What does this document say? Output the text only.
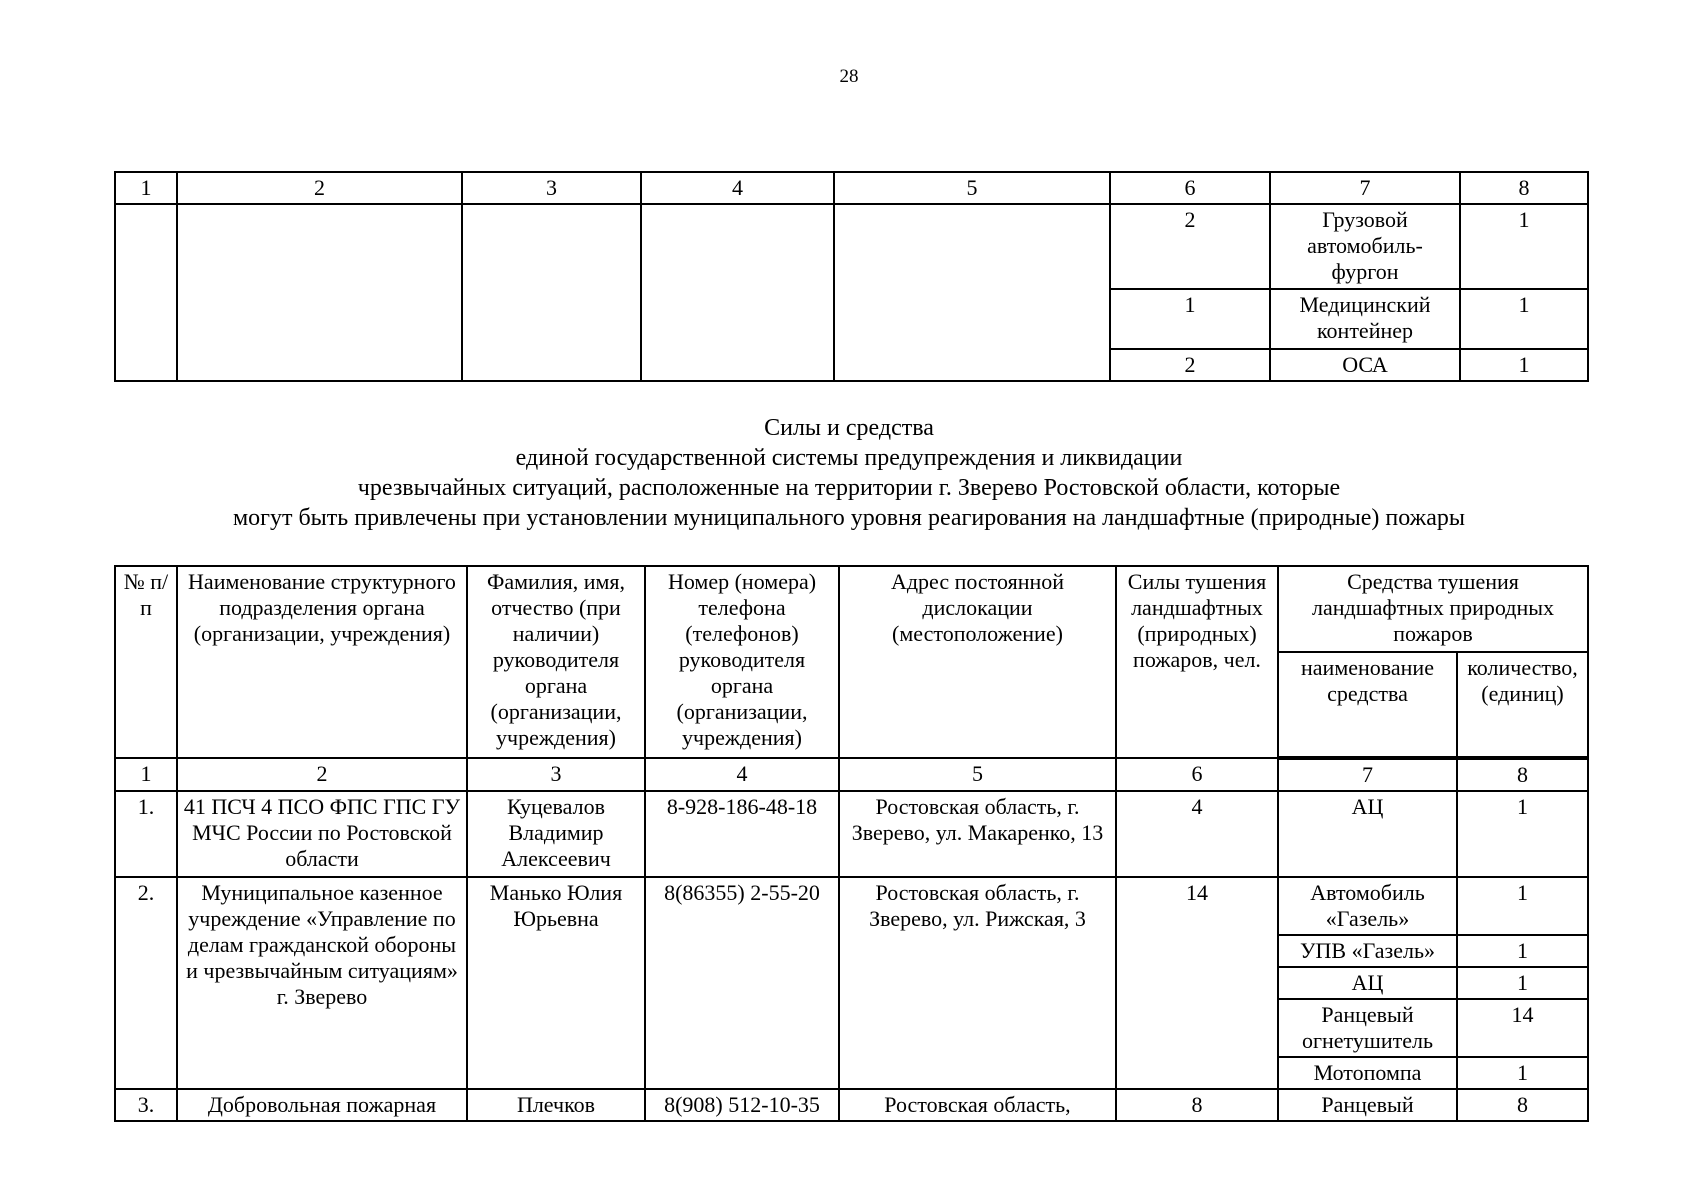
28
1	2	3	4	5	6	7	8
					2	Грузовой автомобиль-фургон	1
					1	Медицинский контейнер	1
					2	ОСА	1
Силы и средства
единой государственной системы предупреждения и ликвидации
чрезвычайных ситуаций, расположенные на территории г. Зверево Ростовской области, которые
могут быть привлечены при установлении муниципального уровня реагирования на ландшафтные (природные) пожары
№ п/п	Наименование структурного подразделения органа (организации, учреждения)	Фамилия, имя, отчество (при наличии) руководителя органа (организации, учреждения)	Номер (номера) телефона (телефонов) руководителя органа (организации, учреждения)	Адрес постоянной дислокации (местоположение)	Силы тушения ландшафтных (природных) пожаров, чел.	Средства тушения ландшафтных природных пожаров	
						наименование средства	количество, (единиц)
1	2	3	4	5	6	7	8
1.	41 ПСЧ 4 ПСО ФПС ГПС ГУ МЧС России по Ростовской области	Куцевалов Владимир Алексеевич	8-928-186-48-18	Ростовская область, г. Зверево, ул. Макаренко, 13	4	АЦ	1
2.	Муниципальное казенное учреждение «Управление по делам гражданской обороны и чрезвычайным ситуациям» г. Зверево	Манько Юлия Юрьевна	8(86355) 2-55-20	Ростовская область, г. Зверево, ул. Рижская, 3	14	Автомобиль «Газель»	1
						УПВ «Газель»	1
						АЦ	1
						Ранцевый огнетушитель	14
						Мотопомпа	1
3.	Добровольная пожарная	Плечков	8(908) 512-10-35	Ростовская область,	8	Ранцевый	8
